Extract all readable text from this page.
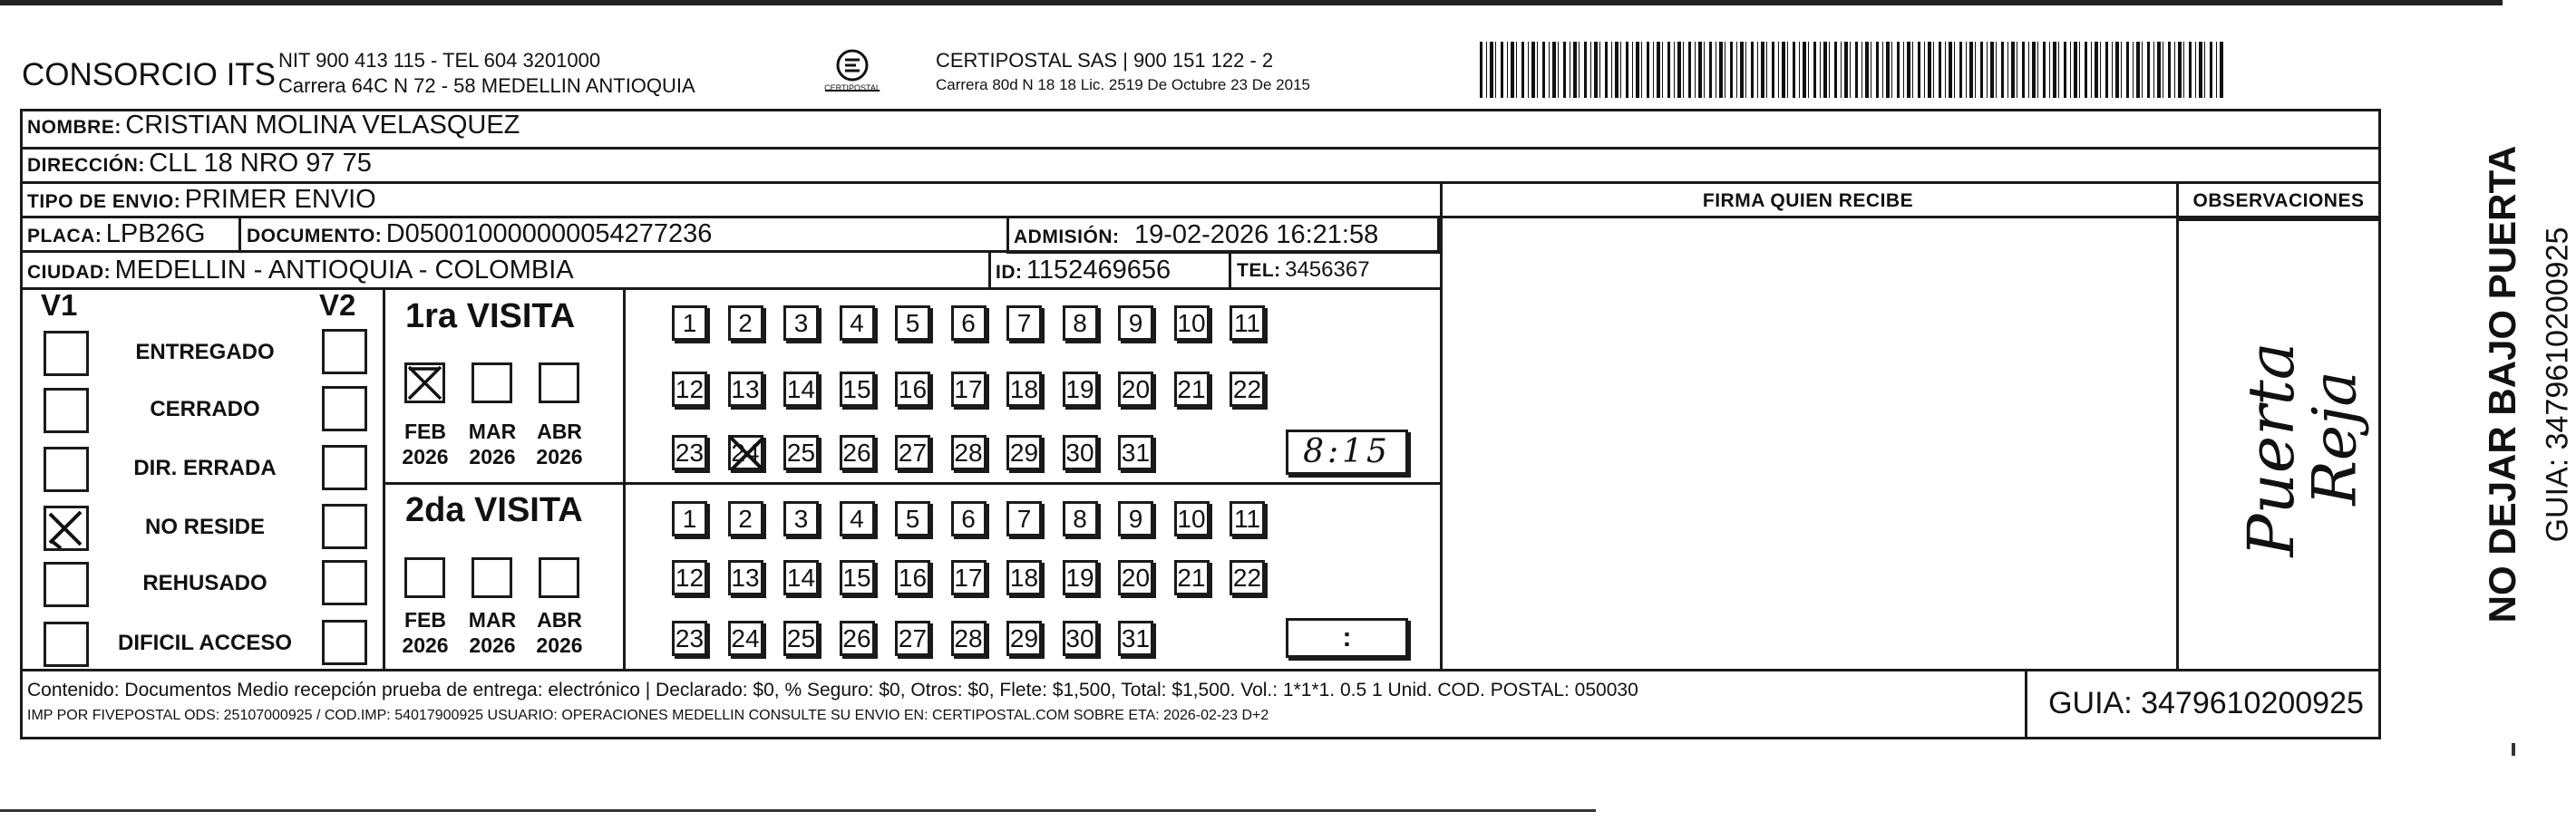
CONSORCIO ITS NIT 900 413 115 - TEL 604 3201000
Carrera 64C N 72 - 58 MEDELLIN ANTIOQUIA	CERTIPOSTAL
CERTIPOSTAL SAS | 900 151 122 - 2
Carrera 80d N 18 18 Lic. 2519 De Octubre 23 De 2015
NOMBRE: CRISTIAN MOLINA VELASQUEZ
DIRECCIÓN: CLL 18 NRO 97 75
TIPO DE ENVIO: PRIMER ENVIO	FIRMA QUIEN RECIBE	OBSERVACIONES
PLACA: LPB26G DOCUMENTO: D050010000000054277236	ADMISIÓN: 19-02-2026 16:21:58
CIUDAD: MEDELLIN - ANTIOQUIA - COLOMBIA	ID: 1152469656	TEL: 3456367
V1	V2
ENTREGADO
CERRADO
DIR. ERRADA
NO RESIDE
REHUSADO
DIFICIL ACCESO
1ra VISITA
2da VISITA
FEB
2026
MAR
2026
ABR
2026
FEB
2026
MAR
2026
ABR
2026
1	2	3	4	5	6	7	8	9	10 11
12 13 14 15 16 17 18 19 20 21 22
23 24 25 26 27 28 29 30 31
1	2	3	4	5	6	7	8	9	10 11
12 13 14 15 16 17 18 19 20 21 22
23 24 25 26 27 28 29 30 31
8:15
:
Puerta
Reja
Contenido: Documentos Medio recepción prueba de entrega: electrónico | Declarado: $0, % Seguro: $0, Otros: $0, Flete: $1,500, Total: $1,500. Vol.: 1*1*1. 0.5 1 Unid. COD. POSTAL: 050030
IMP POR FIVEPOSTAL ODS: 25107000925 / COD.IMP: 54017900925 USUARIO: OPERACIONES MEDELLIN CONSULTE SU ENVIO EN: CERTIPOSTAL.COM SOBRE ETA: 2026-02-23 D+2	GUIA: 3479610200925
NO DEJAR BAJO PUERTA GUIA: 3479610200925
